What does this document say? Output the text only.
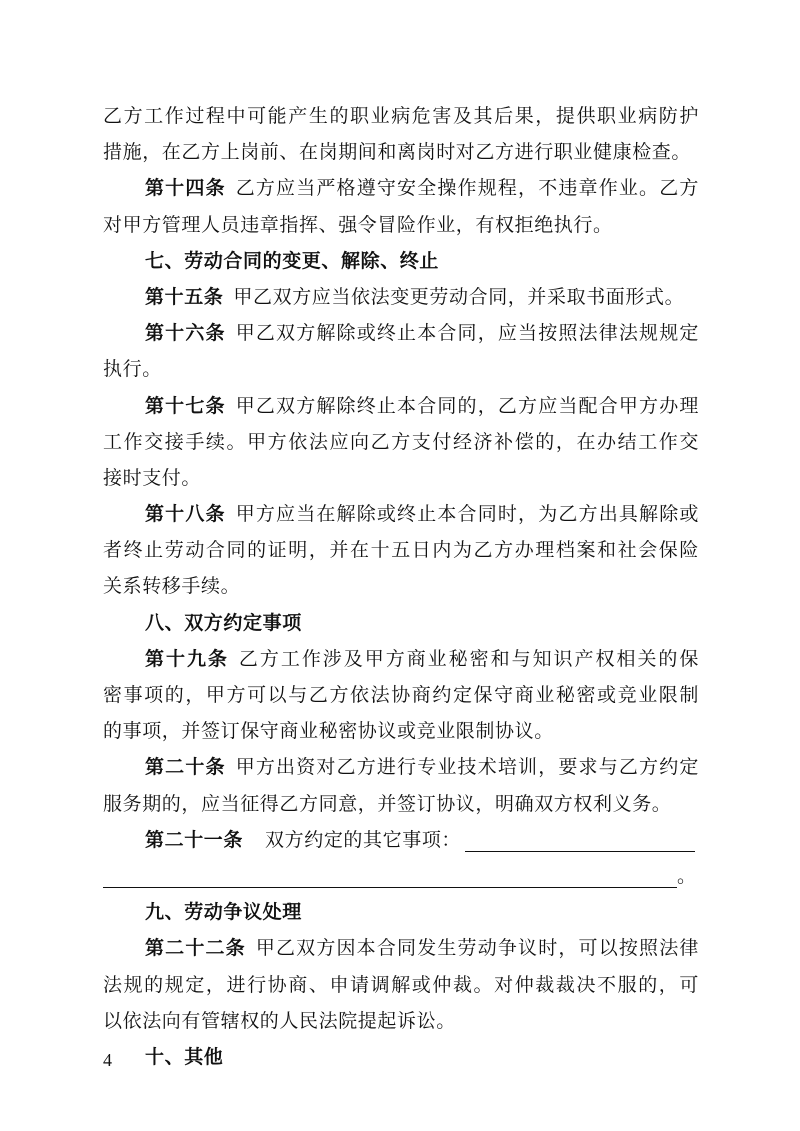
乙方工作过程中可能产生的职业病危害及其后果，提供职业病防护
措施，在乙方上岗前、在岗期间和离岗时对乙方进行职业健康检查。
第十四条 乙方应当严格遵守安全操作规程，不违章作业。乙方
对甲方管理人员违章指挥、强令冒险作业，有权拒绝执行。
七、劳动合同的变更、解除、终止
第十五条 甲乙双方应当依法变更劳动合同，并采取书面形式。
第十六条 甲乙双方解除或终止本合同，应当按照法律法规规定
执行。
第十七条 甲乙双方解除终止本合同的，乙方应当配合甲方办理
工作交接手续。甲方依法应向乙方支付经济补偿的，在办结工作交
接时支付。
第十八条 甲方应当在解除或终止本合同时，为乙方出具解除或
者终止劳动合同的证明，并在十五日内为乙方办理档案和社会保险
关系转移手续。
八、双方约定事项
第十九条 乙方工作涉及甲方商业秘密和与知识产权相关的保
密事项的，甲方可以与乙方依法协商约定保守商业秘密或竞业限制
的事项，并签订保守商业秘密协议或竞业限制协议。
第二十条 甲方出资对乙方进行专业技术培训，要求与乙方约定
服务期的，应当征得乙方同意，并签订协议，明确双方权利义务。
第二十一条 双方约定的其它事项：
。
九、劳动争议处理
第二十二条 甲乙双方因本合同发生劳动争议时，可以按照法律
法规的规定，进行协商、申请调解或仲裁。对仲裁裁决不服的，可
以依法向有管辖权的人民法院提起诉讼。
十、其他
4
